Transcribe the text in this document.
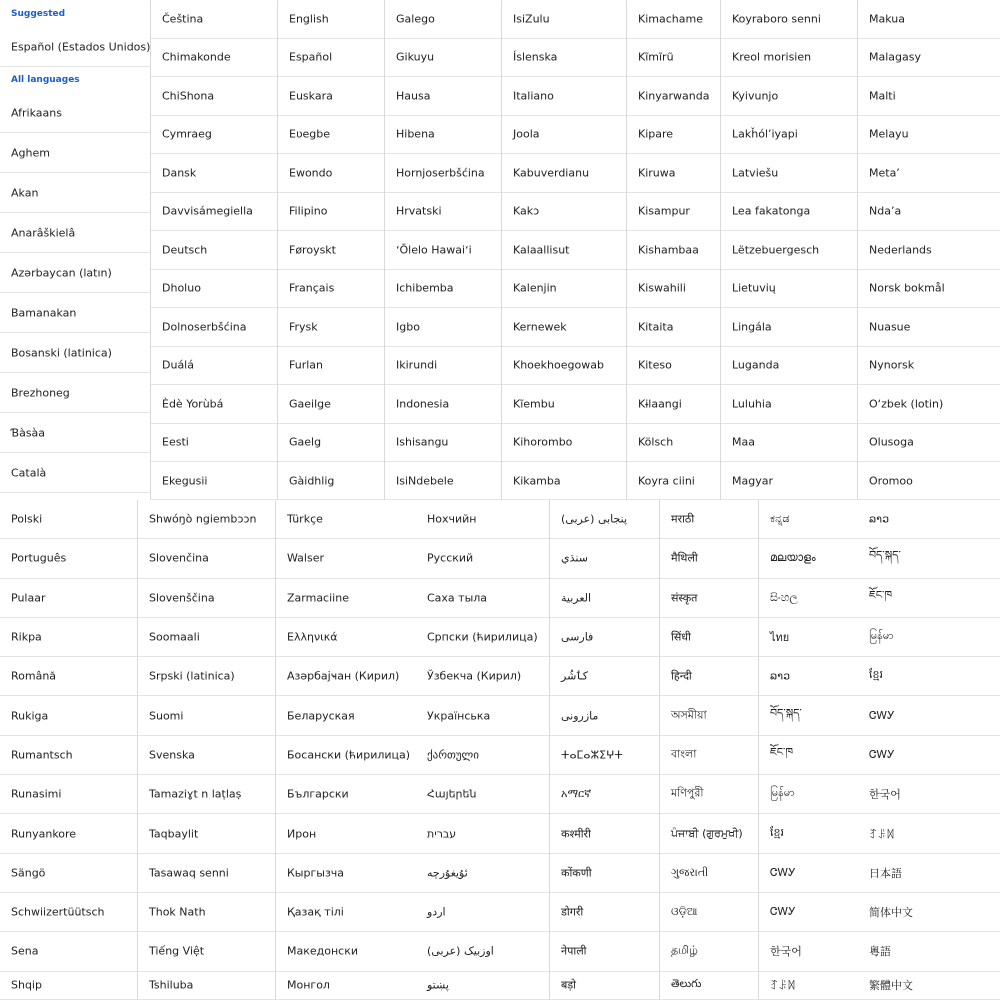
Suggested
Español (Estados Unidos)
All languages
Afrikaans
Aghem
Akan
Anarâškielâ
Azərbaycan (latın)
Bamanakan
Bosanski (latinica)
Brezhoneg
Ɓàsàa
Català
Čeština
Chimakonde
ChiShona
Cymraeg
Dansk
Davvisámegiella
Deutsch
Dholuo
Dolnoserbšćina
Duálá
Èdè Yorùbá
Eesti
Ekegusii
English
Español
Euskara
Eʋegbe
Ewondo
Filipino
Føroyskt
Français
Frysk
Furlan
Gaeilge
Gaelg
Gàidhlig
Galego
Gikuyu
Hausa
Hibena
Hornjoserbšćina
Hrvatski
ʻŌlelo Hawaiʻi
Ichibemba
Igbo
Ikirundi
Indonesia
Ishisangu
IsiNdebele
IsiZulu
Íslenska
Italiano
Joola
Kabuverdianu
Kakɔ
Kalaallisut
Kalenjin
Kernewek
Khoekhoegowab
Kĩembu
Kihorombo
Kikamba
Kimachame
Kĩmĩrũ
Kinyarwanda
Kipare
Kiruwa
Kisampur
Kishambaa
Kiswahili
Kitaita
Kiteso
Kɨlaangi
Kölsch
Koyra ciini
Koyraboro senni
Kreol morisien
Kyivunjo
Lakȟólʼiyapi
Latviešu
Lea fakatonga
Lëtzebuergesch
Lietuvių
Lingála
Luganda
Luluhia
Maa
Magyar
Makua
Malagasy
Malti
Melayu
Metaʼ
Ndaʼa
Nederlands
Norsk bokmål
Nuasue
Nynorsk
O‘zbek (lotin)
Olusoga
Oromoo
Polski
Português
Pulaar
Rikpa
Română
Rukiga
Rumantsch
Runasimi
Runyankore
Sängö
Schwiizertüütsch
Sena
Shqip
Shwóŋò ngiembɔɔn
Slovenčina
Slovenščina
Soomaali
Srpski (latinica)
Suomi
Svenska
Tamaziɣt n laṭlaṣ
Taqbaylit
Tasawaq senni
Thok Nath
Tiếng Việt
Tshiluba
Türkçe
Walser
Zarmaciine
Ελληνικά
Азәрбајҹан (Кирил)
Беларуская
Босански (ћирилица)
Български
Ирон
Кыргызча
Қазақ тілі
Македонски
Монгол
Нохчийн
Русский
Саха тыла
Српски (ћирилица)
Ўзбекча (Кирил)
Українська
ქართული
Հայերեն
עברית
ئۇيغۇرچە
اردو
اوزبیک (عربی)
پښتو
پنجابی (عربی)
سنڌي
العربية
فارسی
کٲشُر
مازرونی
ⵜⴰⵎⴰⵣⵉⵖⵜ
አማርኛ
कश्मीरी
कोंकणी
डोगरी
नेपाली
बड़ो
मराठी
मैथिली
संस्कृत
सिंधी
हिन्दी
অসমীয়া
বাংলা
মণিপুরী
ਪੰਜਾਬੀ (ਗੁਰਮੁਖੀ)
ગુજરાતી
ଓଡ଼ିଆ
தமிழ்
తెలుగు
ಕನ್ನಡ
മലയാളം
සිංහල
ไทย
ລາວ
བོད་སྐད་
ཇོང་ཁ
မြန်မာ
ខ្មែរ
ᏣᎳᎩ
ᏣᎳᎩ
한국어
ꆈꌠꉙ
ລາວ
བོད་སྐད་
ཇོང་ཁ
မြန်မာ
ខ្មែរ
ᏣᎳᎩ
ᏣᎳᎩ
한국어
ꆈꌠꉙ
日本語
简体中文
粵語
繁體中文
